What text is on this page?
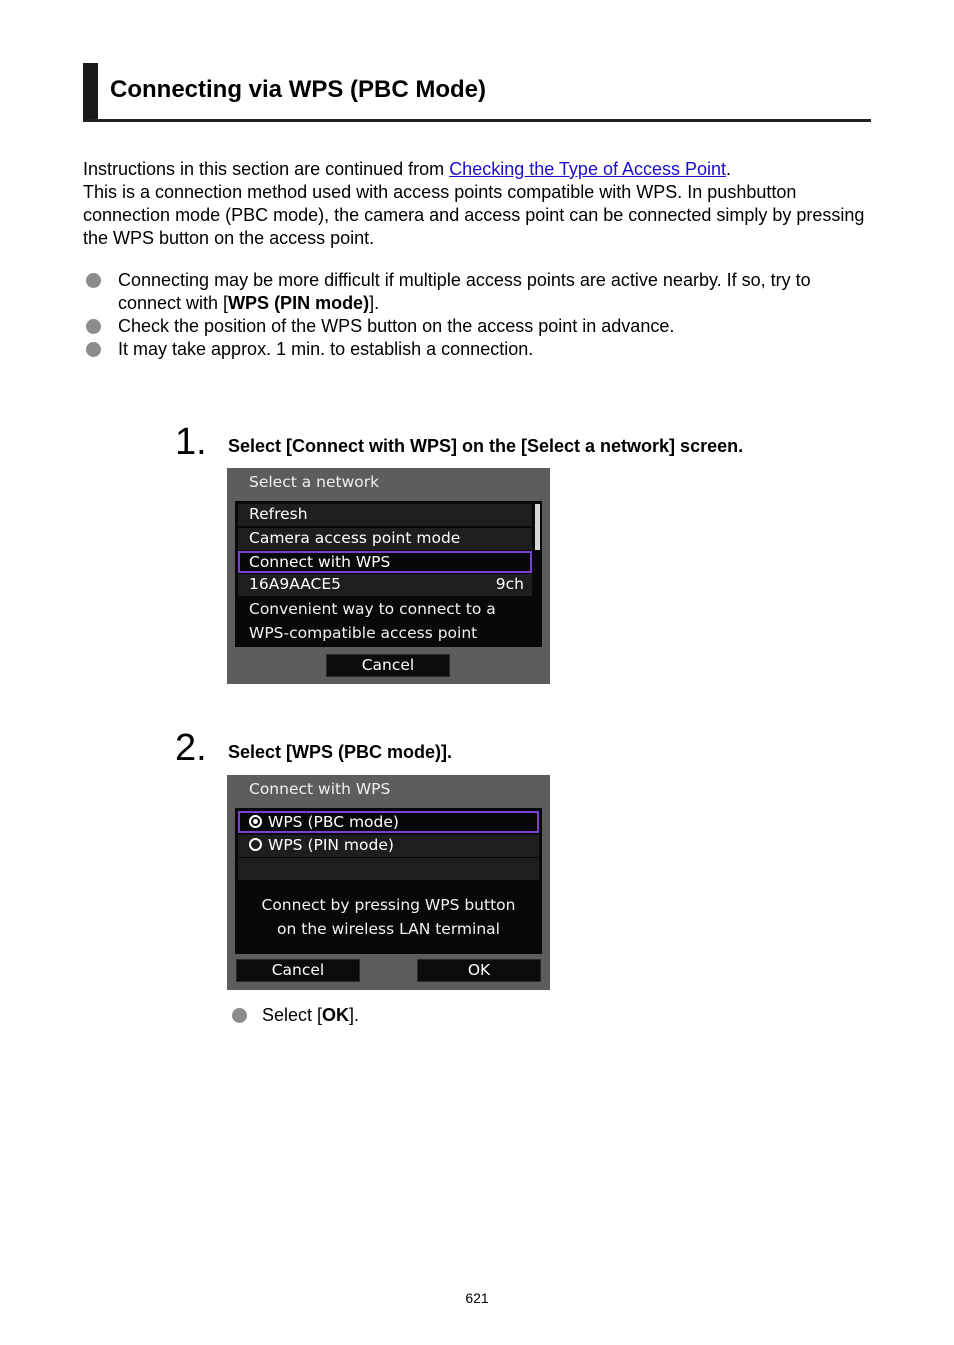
Connecting via WPS (PBC Mode)

Instructions in this section are continued from Checking the Type of Access Point.

This is a connection method used with access points compatible with WPS. In pushbutton connection mode (PBC mode), the camera and access point can be connected simply by pressing the WPS button on the access point.

Connecting may be more difficult if multiple access points are active nearby. If so, try to connect with [WPS (PIN mode)].
Check the position of the WPS button on the access point in advance.
It may take approx. 1 min. to establish a connection.
1. Select [Connect with WPS] on the [Select a network] screen.
Select a network
Refresh
Camera access point mode
Connect with WPS
16A9AACE5	9ch
Convenient way to connect to a
WPS-compatible access point
Cancel
2. Select [WPS (PBC mode)].
Connect with WPS
WPS (PBC mode)
WPS (PIN mode)
Connect by pressing WPS button
on the wireless LAN terminal
Cancel	OK
Select [OK].
621
